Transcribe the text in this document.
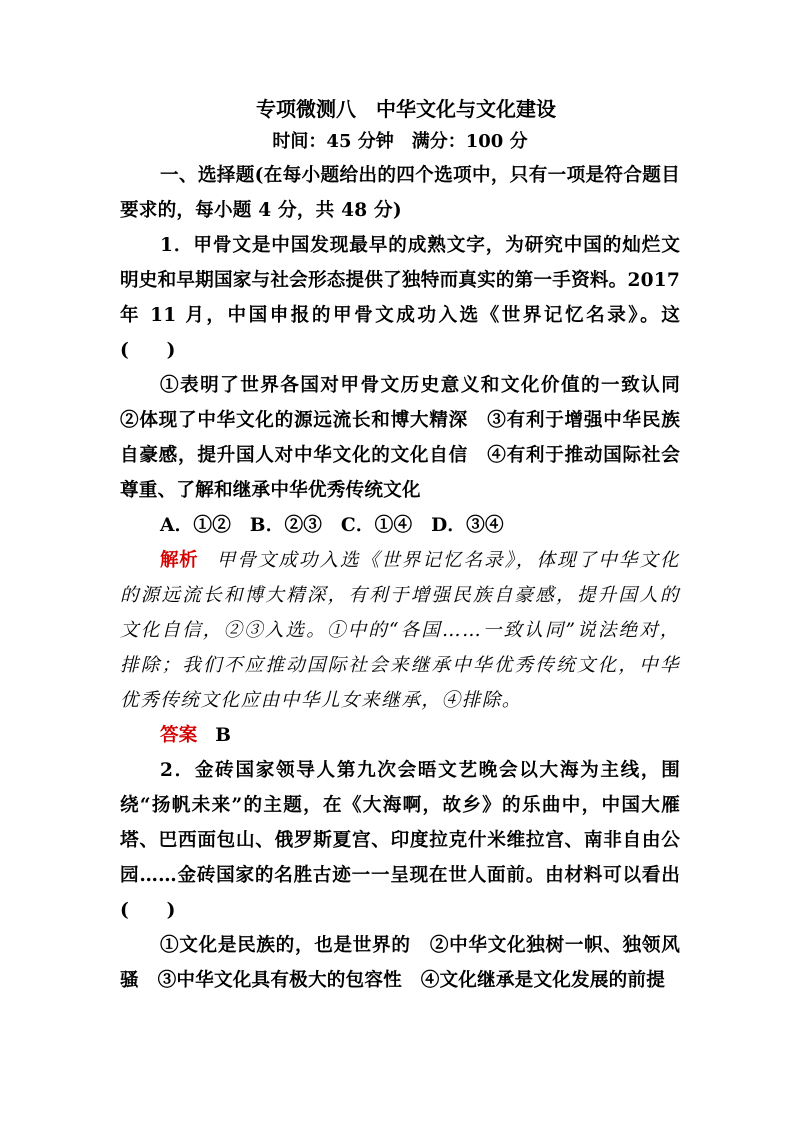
专项微测八　中华文化与文化建设
时间：45 分钟　满分：100 分
一、选择题(在每小题给出的四个选项中，只有一项是符合题目要求的，每小题 4 分，共 48 分)
1．甲骨文是中国发现最早的成熟文字，为研究中国的灿烂文明史和早期国家与社会形态提供了独特而真实的第一手资料。2017 年 11 月，中国申报的甲骨文成功入选《世界记忆名录》。这 (　　)
①表明了世界各国对甲骨文历史意义和文化价值的一致认同　②体现了中华文化的源远流长和博大精深　③有利于增强中华民族自豪感，提升国人对中华文化的文化自信　④有利于推动国际社会尊重、了解和继承中华优秀传统文化
A．①②　B．②③　C．①④　D．③④
解析 甲骨文成功入选《世界记忆名录》，体现了中华文化的源远流长和博大精深，有利于增强民族自豪感，提升国人的文化自信，②③入选。①中的“各国……一致认同”说法绝对，排除；我们不应推动国际社会来继承中华优秀传统文化，中华优秀传统文化应由中华儿女来继承，④排除。
答案 B
2．金砖国家领导人第九次会晤文艺晚会以大海为主线，围绕“扬帆未来”的主题，在《大海啊，故乡》的乐曲中，中国大雁塔、巴西面包山、俄罗斯夏宫、印度拉克什米维拉宫、南非自由公园……金砖国家的名胜古迹一一呈现在世人面前。由材料可以看出(　　)
①文化是民族的，也是世界的　②中华文化独树一帜、独领风骚　③中华文化具有极大的包容性　④文化继承是文化发展的前提
